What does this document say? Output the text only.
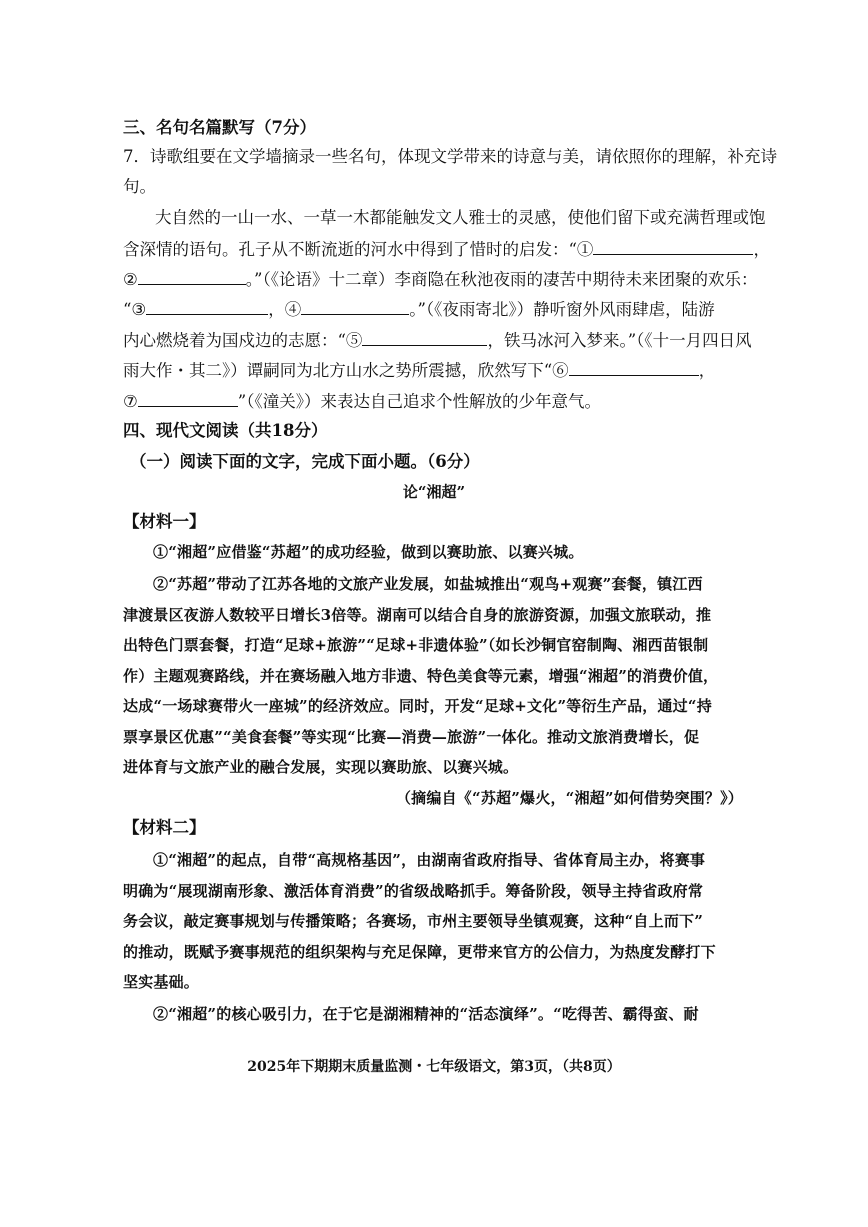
三、名句名篇默写（7分）
7．诗歌组要在文学墙摘录一些名句，体现文学带来的诗意与美，请依照你的理解，补充诗
句。
大自然的一山一水、一草一木都能触发文人雅士的灵感，使他们留下或充满哲理或饱
含深情的语句。孔子从不断流逝的河水中得到了惜时的启发：“①	，
②	。”（《论语》十二章）李商隐在秋池夜雨的凄苦中期待未来团聚的欢乐：
“③	，④	。”（《夜雨寄北》）静听窗外风雨肆虐，陆游
内心燃烧着为国戍边的志愿：“⑤	，铁马冰河入梦来。”（《十一月四日风
雨大作・其二》）谭嗣同为北方山水之势所震撼，欣然写下“⑥	，
⑦	”（《潼关》）来表达自己追求个性解放的少年意气。
四、现代文阅读（共18分）
（一）阅读下面的文字，完成下面小题。（6分）
论“湘超”
【材料一】
①“湘超”应借鉴“苏超”的成功经验，做到以赛助旅、以赛兴城。
②“苏超”带动了江苏各地的文旅产业发展，如盐城推出“观鸟+观赛”套餐，镇江西
津渡景区夜游人数较平日增长3倍等。湖南可以结合自身的旅游资源，加强文旅联动，推
出特色门票套餐，打造“足球+旅游”“足球+非遗体验”（如长沙铜官窑制陶、湘西苗银制
作）主题观赛路线，并在赛场融入地方非遗、特色美食等元素，增强“湘超”的消费价值，
达成“一场球赛带火一座城”的经济效应。同时，开发“足球+文化”等衍生产品，通过“持
票享景区优惠”“美食套餐”等实现“比赛—消费—旅游”一体化。推动文旅消费增长，促
进体育与文旅产业的融合发展，实现以赛助旅、以赛兴城。
（摘编自《“苏超”爆火，“湘超”如何借势突围？》）
【材料二】
①“湘超”的起点，自带“高规格基因”，由湖南省政府指导、省体育局主办，将赛事
明确为“展现湖南形象、激活体育消费”的省级战略抓手。筹备阶段，领导主持省政府常
务会议，敲定赛事规划与传播策略；各赛场，市州主要领导坐镇观赛，这种“自上而下”
的推动，既赋予赛事规范的组织架构与充足保障，更带来官方的公信力，为热度发酵打下
坚实基础。
②“湘超”的核心吸引力，在于它是湖湘精神的“活态演绎”。“吃得苦、霸得蛮、耐
2025年下期期末质量监测・七年级语文，第3页，（共8页）
